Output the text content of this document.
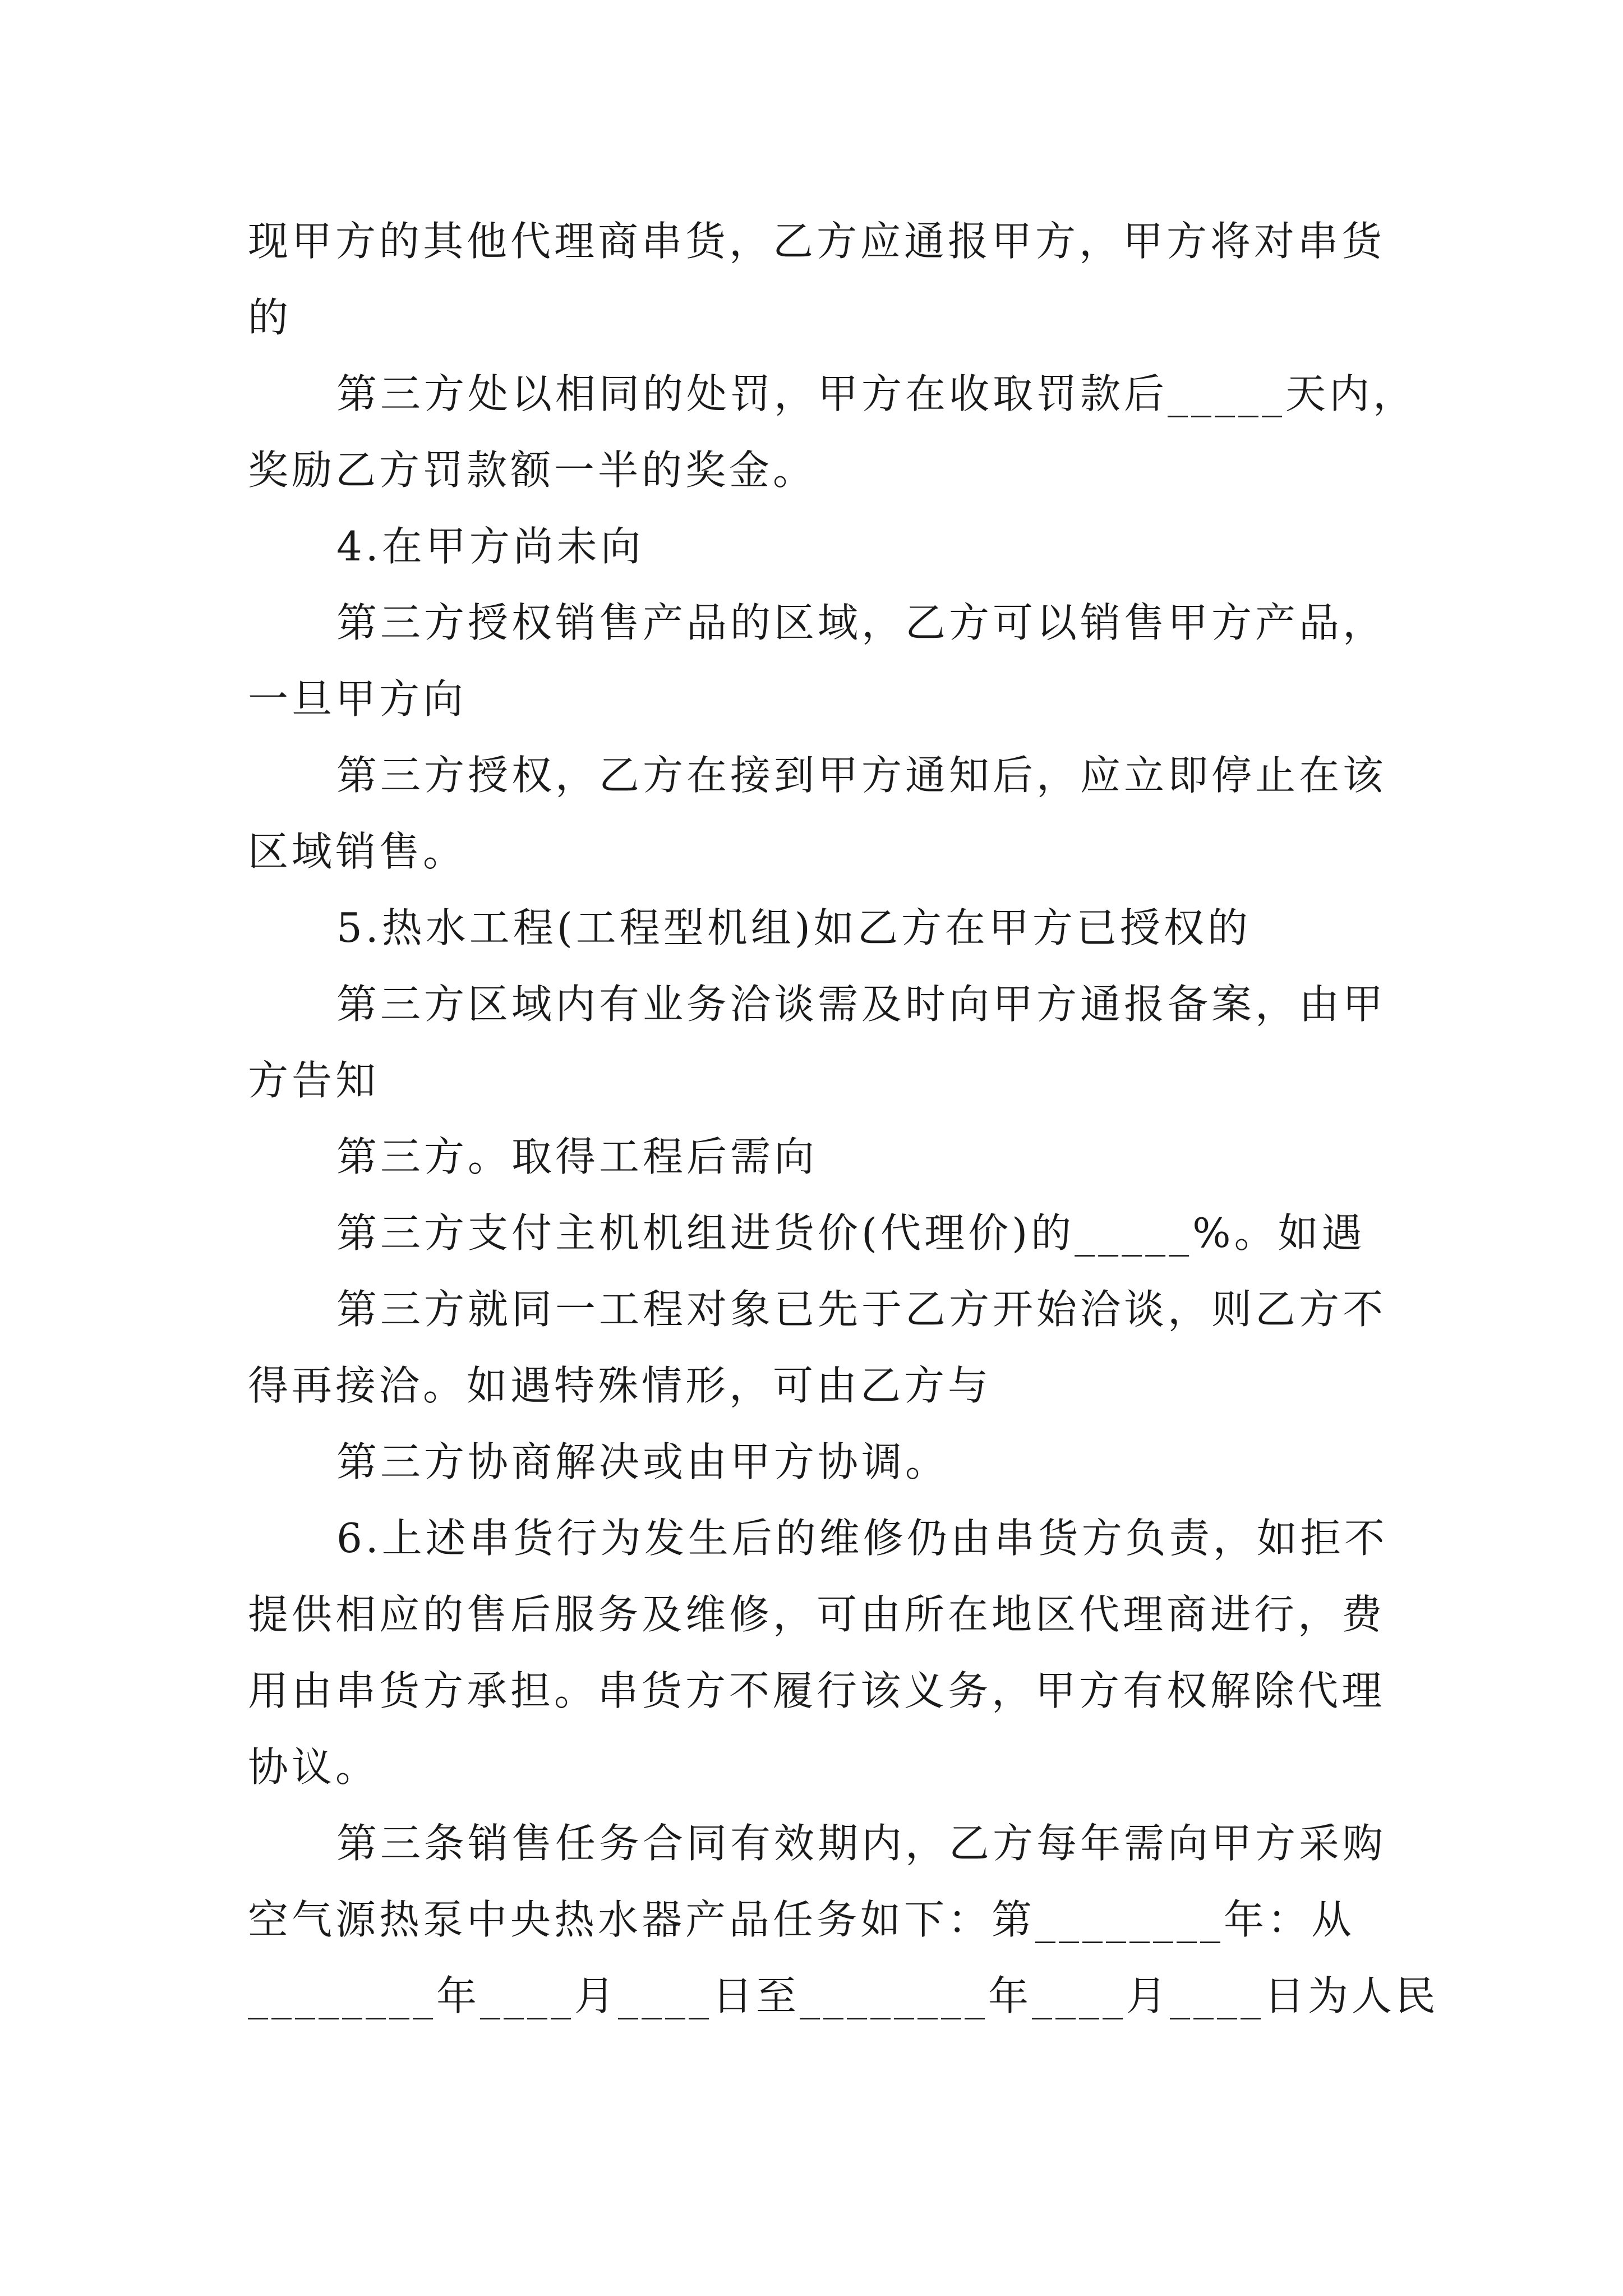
现甲方的其他代理商串货，乙方应通报甲方，甲方将对串货
的
第三方处以相同的处罚，甲方在收取罚款后_____天内，
奖励乙方罚款额一半的奖金。
4.在甲方尚未向
第三方授权销售产品的区域，乙方可以销售甲方产品，
一旦甲方向
第三方授权，乙方在接到甲方通知后，应立即停止在该
区域销售。
5.热水工程(工程型机组)如乙方在甲方已授权的
第三方区域内有业务洽谈需及时向甲方通报备案，由甲
方告知
第三方。取得工程后需向
第三方支付主机机组进货价(代理价)的_____%。如遇
第三方就同一工程对象已先于乙方开始洽谈，则乙方不
得再接洽。如遇特殊情形，可由乙方与
第三方协商解决或由甲方协调。
6.上述串货行为发生后的维修仍由串货方负责，如拒不
提供相应的售后服务及维修，可由所在地区代理商进行，费
用由串货方承担。串货方不履行该义务，甲方有权解除代理
协议。
第三条销售任务合同有效期内，乙方每年需向甲方采购
空气源热泵中央热水器产品任务如下：第________年：从
________年____月____日至________年____月____日为人民
